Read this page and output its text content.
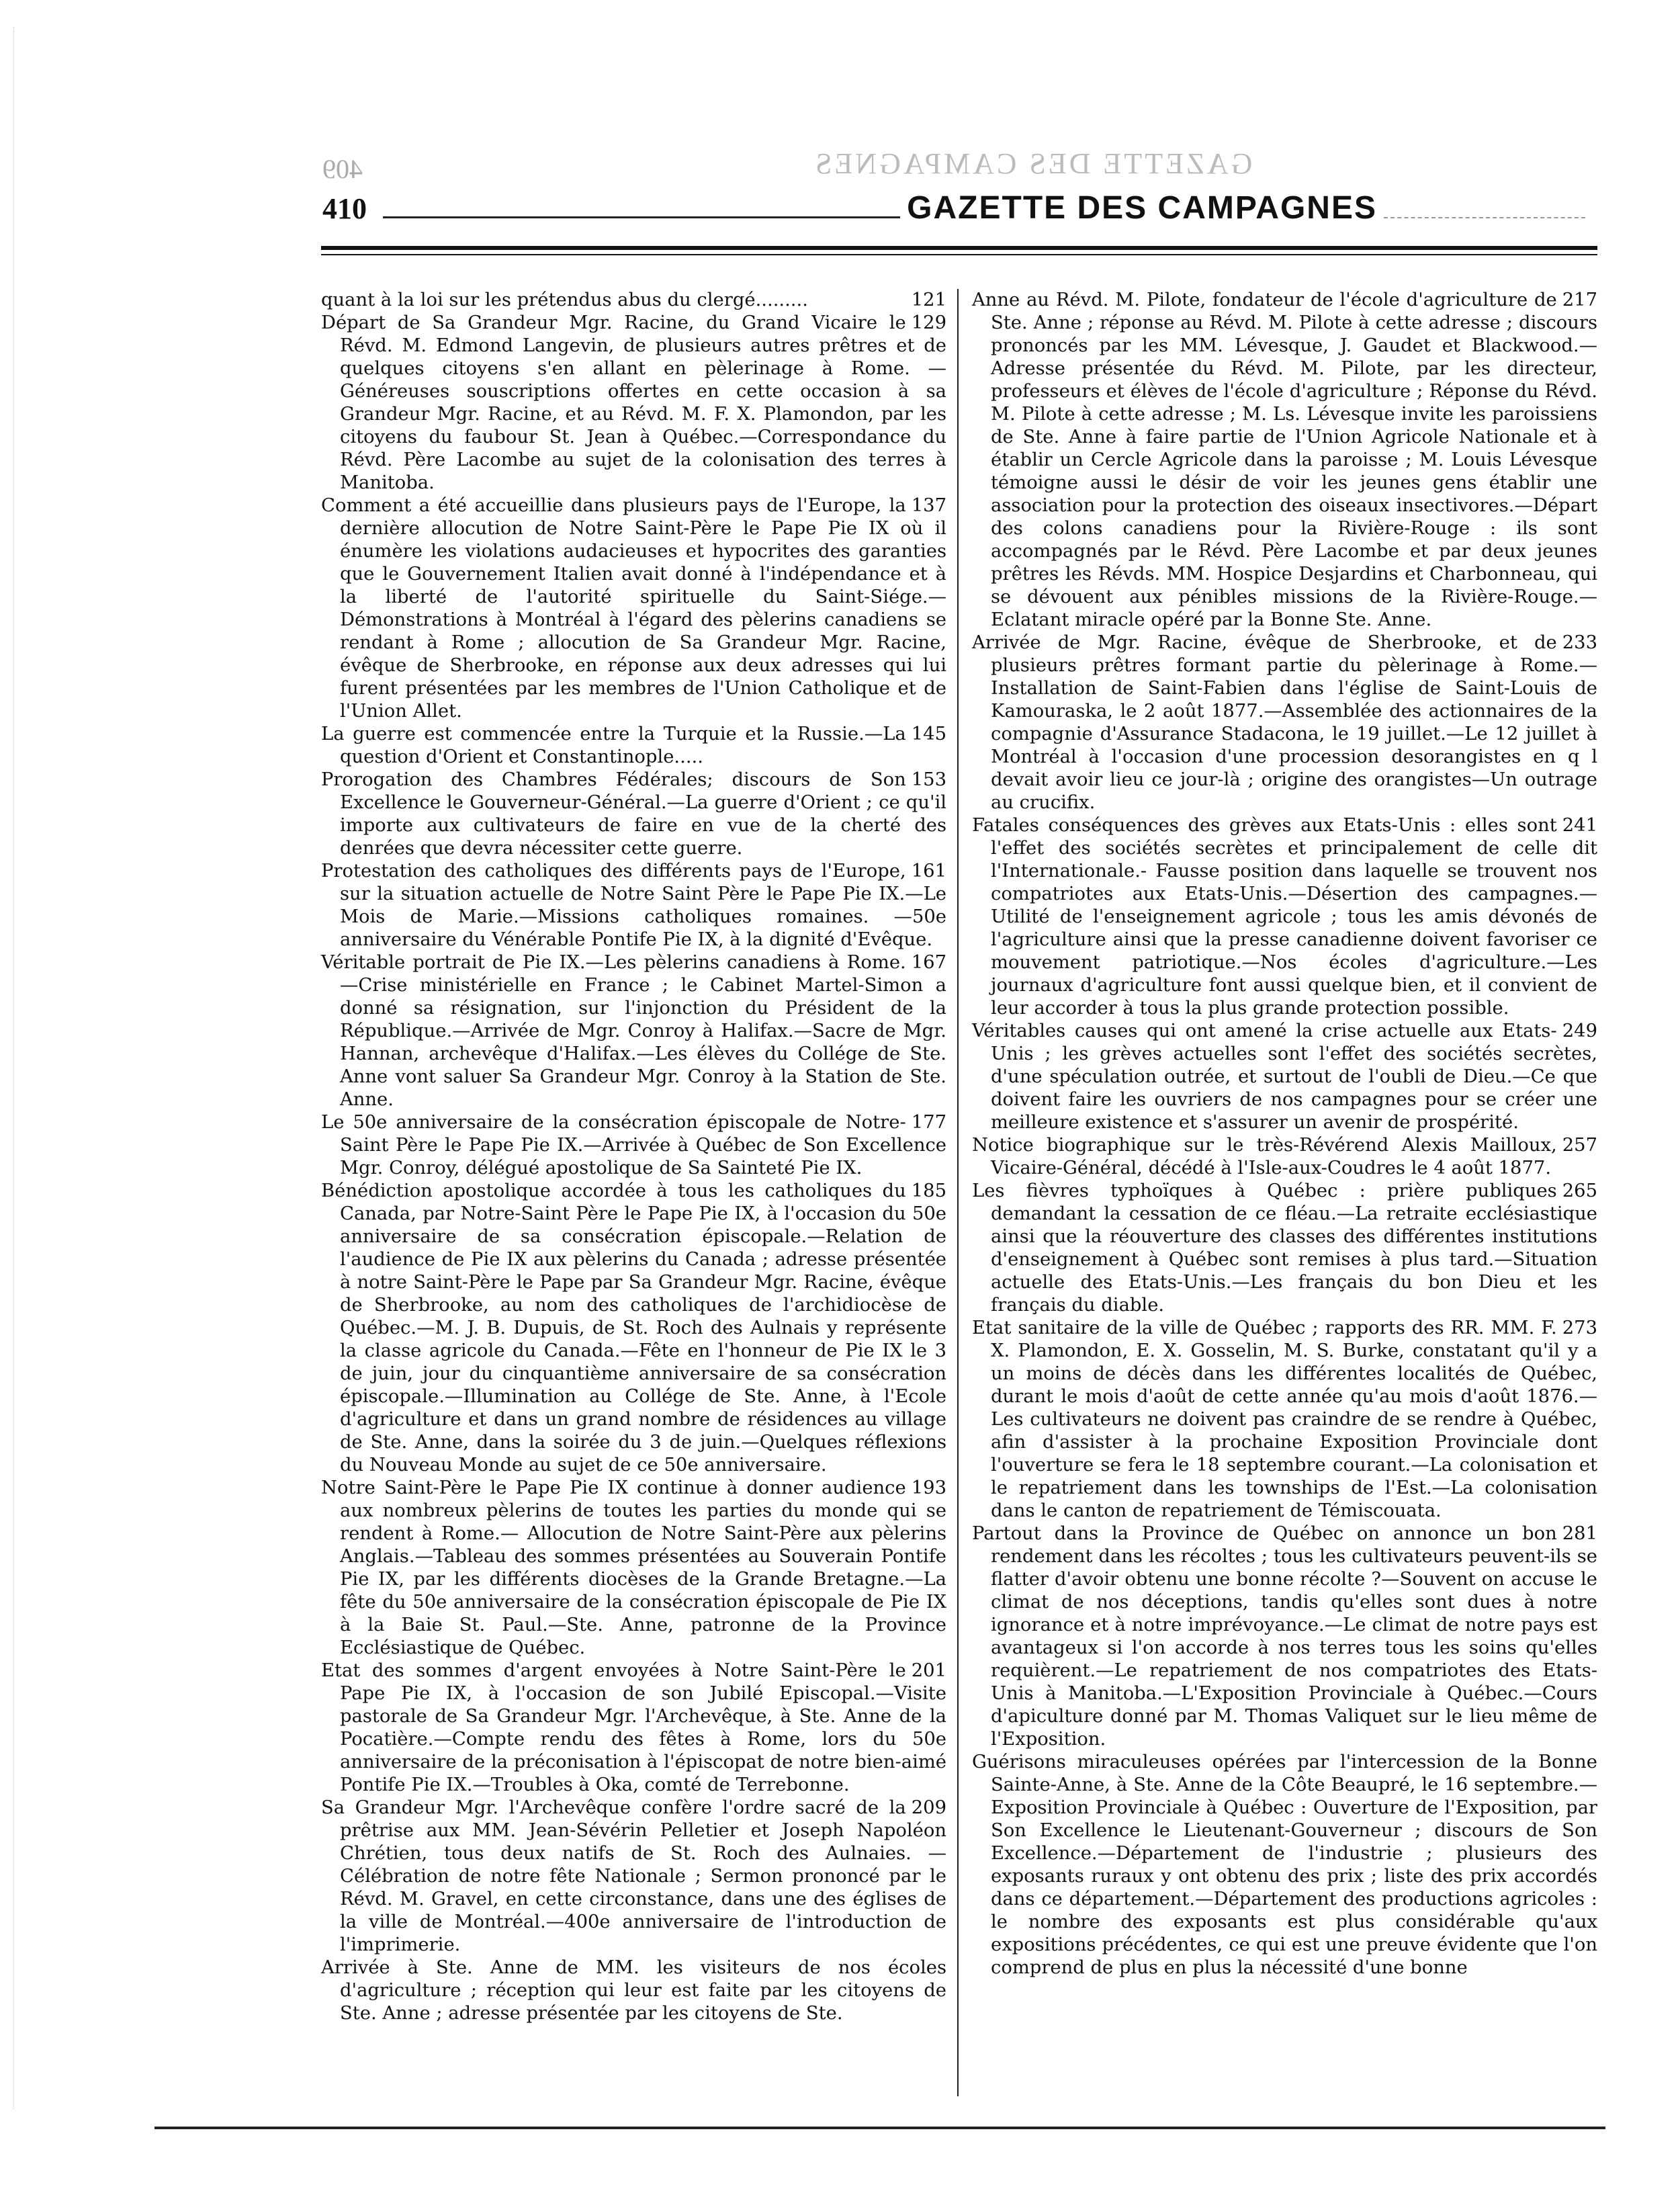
409	GAZETTE DES CAMPAGNES
410	GAZETTE DES CAMPAGNES

121
quant à la loi sur les prétendus abus du clergé.........

129
Départ de Sa Grandeur Mgr. Racine, du Grand Vicaire le Révd. M. Edmond Langevin, de plusieurs autres prêtres et de quelques citoyens s'en allant en pèlerinage à Rome. —Généreuses souscriptions offertes en cette occasion à sa Grandeur Mgr. Racine, et au Révd. M. F. X. Plamondon, par les citoyens du faubour St. Jean à Québec.—Correspondance du Révd. Père Lacombe au sujet de la colonisation des terres à Manitoba.

137
Comment a été accueillie dans plusieurs pays de l'Europe, la dernière allocution de Notre Saint-Père le Pape Pie IX où il énumère les violations audacieuses et hypocrites des garanties que le Gouvernement Italien avait donné à l'indépendance et à la liberté de l'autorité spirituelle du Saint-Siége.—Démonstrations à Montréal à l'égard des pèlerins canadiens se rendant à Rome ; allocution de Sa Grandeur Mgr. Racine, évêque de Sherbrooke, en réponse aux deux adresses qui lui furent présentées par les membres de l'Union Catholique et de l'Union Allet.

145
La guerre est commencée entre la Turquie et la Russie.—La question d'Orient et Constantinople.....

153
Prorogation des Chambres Fédérales; discours de Son Excellence le Gouverneur-Général.—La guerre d'Orient ; ce qu'il importe aux cultivateurs de faire en vue de la cherté des denrées que devra nécessiter cette guerre.

161
Protestation des catholiques des différents pays de l'Europe, sur la situation actuelle de Notre Saint Père le Pape Pie IX.—Le Mois de Marie.—Missions catholiques romaines. —50e anniversaire du Vénérable Pontife Pie IX, à la dignité d'Evêque.

167
Véritable portrait de Pie IX.—Les pèlerins canadiens à Rome.—Crise ministérielle en France ; le Cabinet Martel-Simon a donné sa résignation, sur l'injonction du Président de la République.—Arrivée de Mgr. Conroy à Halifax.—Sacre de Mgr. Hannan, archevêque d'Halifax.—Les élèves du Collége de Ste. Anne vont saluer Sa Grandeur Mgr. Conroy à la Station de Ste. Anne.

177
Le 50e anniversaire de la consécration épiscopale de Notre-Saint Père le Pape Pie IX.—Arrivée à Québec de Son Excellence Mgr. Conroy, délégué apostolique de Sa Sainteté Pie IX.

185
Bénédiction apostolique accordée à tous les catholiques du Canada, par Notre-Saint Père le Pape Pie IX, à l'occasion du 50e anniversaire de sa consécration épiscopale.—Relation de l'audience de Pie IX aux pèlerins du Canada ; adresse présentée à notre Saint-Père le Pape par Sa Grandeur Mgr. Racine, évêque de Sherbrooke, au nom des catholiques de l'archidiocèse de Québec.—M. J. B. Dupuis, de St. Roch des Aulnais y représente la classe agricole du Canada.—Fête en l'honneur de Pie IX le 3 de juin, jour du cinquantième anniversaire de sa consécration épiscopale.—Illumination au Collége de Ste. Anne, à l'Ecole d'agriculture et dans un grand nombre de résidences au village de Ste. Anne, dans la soirée du 3 de juin.—Quelques réflexions du Nouveau Monde au sujet de ce 50e anniversaire.

193
Notre Saint-Père le Pape Pie IX continue à donner audience aux nombreux pèlerins de toutes les parties du monde qui se rendent à Rome.— Allocution de Notre Saint-Père aux pèlerins Anglais.—Tableau des sommes présentées au Souverain Pontife Pie IX, par les différents diocèses de la Grande Bretagne.—La fête du 50e anniversaire de la consécration épiscopale de Pie IX à la Baie St. Paul.—Ste. Anne, patronne de la Province Ecclésiastique de Québec.

201
Etat des sommes d'argent envoyées à Notre Saint-Père le Pape Pie IX, à l'occasion de son Jubilé Episcopal.—Visite pastorale de Sa Grandeur Mgr. l'Archevêque, à Ste. Anne de la Pocatière.—Compte rendu des fêtes à Rome, lors du 50e anniversaire de la préconisation à l'épiscopat de notre bien-aimé Pontife Pie IX.—Troubles à Oka, comté de Terrebonne.

209
Sa Grandeur Mgr. l'Archevêque confère l'ordre sacré de la prêtrise aux MM. Jean-Sévérin Pelletier et Joseph Napoléon Chrétien, tous deux natifs de St. Roch des Aulnaies. —Célébration de notre fête Nationale ; Sermon prononcé par le Révd. M. Gravel, en cette circonstance, dans une des églises de la ville de Montréal.—400e anniversaire de l'introduction de l'imprimerie.

Arrivée à Ste. Anne de MM. les visiteurs de nos écoles d'agriculture ; réception qui leur est faite par les citoyens de Ste. Anne ; adresse présentée par les citoyens de Ste.

217
Anne au Révd. M. Pilote, fondateur de l'école d'agriculture de Ste. Anne ; réponse au Révd. M. Pilote à cette adresse ; discours prononcés par les MM. Lévesque, J. Gaudet et Blackwood.—Adresse présentée du Révd. M. Pilote, par les directeur, professeurs et élèves de l'école d'agriculture ; Réponse du Révd. M. Pilote à cette adresse ; M. Ls. Lévesque invite les paroissiens de Ste. Anne à faire partie de l'Union Agricole Nationale et à établir un Cercle Agricole dans la paroisse ; M. Louis Lévesque témoigne aussi le désir de voir les jeunes gens établir une association pour la protection des oiseaux insectivores.—Départ des colons canadiens pour la Rivière-Rouge : ils sont accompagnés par le Révd. Père Lacombe et par deux jeunes prêtres les Révds. MM. Hospice Desjardins et Charbonneau, qui se dévouent aux pénibles missions de la Rivière-Rouge.—Eclatant miracle opéré par la Bonne Ste. Anne.

233
Arrivée de Mgr. Racine, évêque de Sherbrooke, et de plusieurs prêtres formant partie du pèlerinage à Rome.—Installation de Saint-Fabien dans l'église de Saint-Louis de Kamouraska, le 2 août 1877.—Assemblée des actionnaires de la compagnie d'Assurance Stadacona, le 19 juillet.—Le 12 juillet à Montréal à l'occasion d'une procession desorangistes en q l devait avoir lieu ce jour-là ; origine des orangistes—Un outrage au crucifix.

241
Fatales conséquences des grèves aux Etats-Unis : elles sont l'effet des sociétés secrètes et principalement de celle dit l'Internationale.- Fausse position dans laquelle se trouvent nos compatriotes aux Etats-Unis.—Désertion des campagnes.—Utilité de l'enseignement agricole ; tous les amis dévonés de l'agriculture ainsi que la presse canadienne doivent favoriser ce mouvement patriotique.—Nos écoles d'agriculture.—Les journaux d'agriculture font aussi quelque bien, et il convient de leur accorder à tous la plus grande protection possible.

249
Véritables causes qui ont amené la crise actuelle aux Etats-Unis ; les grèves actuelles sont l'effet des sociétés secrètes, d'une spéculation outrée, et surtout de l'oubli de Dieu.—Ce que doivent faire les ouvriers de nos campagnes pour se créer une meilleure existence et s'assurer un avenir de prospérité.

257
Notice biographique sur le très-Révérend Alexis Mailloux, Vicaire-Général, décédé à l'Isle-aux-Coudres le 4 août 1877.

265
Les fièvres typhoïques à Québec : prière publiques demandant la cessation de ce fléau.—La retraite ecclésiastique ainsi que la réouverture des classes des différentes institutions d'enseignement à Québec sont remises à plus tard.—Situation actuelle des Etats-Unis.—Les français du bon Dieu et les français du diable.

273
Etat sanitaire de la ville de Québec ; rapports des RR. MM. F. X. Plamondon, E. X. Gosselin, M. S. Burke, constatant qu'il y a un moins de décès dans les différentes localités de Québec, durant le mois d'août de cette année qu'au mois d'août 1876.—Les cultivateurs ne doivent pas craindre de se rendre à Québec, afin d'assister à la prochaine Exposition Provinciale dont l'ouverture se fera le 18 septembre courant.—La colonisation et le repatriement dans les townships de l'Est.—La colonisation dans le canton de repatriement de Témiscouata.

281
Partout dans la Province de Québec on annonce un bon rendement dans les récoltes ; tous les cultivateurs peuvent-ils se flatter d'avoir obtenu une bonne récolte ?—Souvent on accuse le climat de nos déceptions, tandis qu'elles sont dues à notre ignorance et à notre imprévoyance.—Le climat de notre pays est avantageux si l'on accorde à nos terres tous les soins qu'elles requièrent.—Le repatriement de nos compatriotes des Etats-Unis à Manitoba.—L'Exposition Provinciale à Québec.—Cours d'apiculture donné par M. Thomas Valiquet sur le lieu même de l'Exposition.

Guérisons miraculeuses opérées par l'intercession de la Bonne Sainte-Anne, à Ste. Anne de la Côte Beaupré, le 16 septembre.—Exposition Provinciale à Québec : Ouverture de l'Exposition, par Son Excellence le Lieutenant-Gouverneur ; discours de Son Excellence.—Département de l'industrie ; plusieurs des exposants ruraux y ont obtenu des prix ; liste des prix accordés dans ce département.—Département des productions agricoles : le nombre des exposants est plus considérable qu'aux expositions précédentes, ce qui est une preuve évidente que l'on comprend de plus en plus la nécessité d'une bonne
